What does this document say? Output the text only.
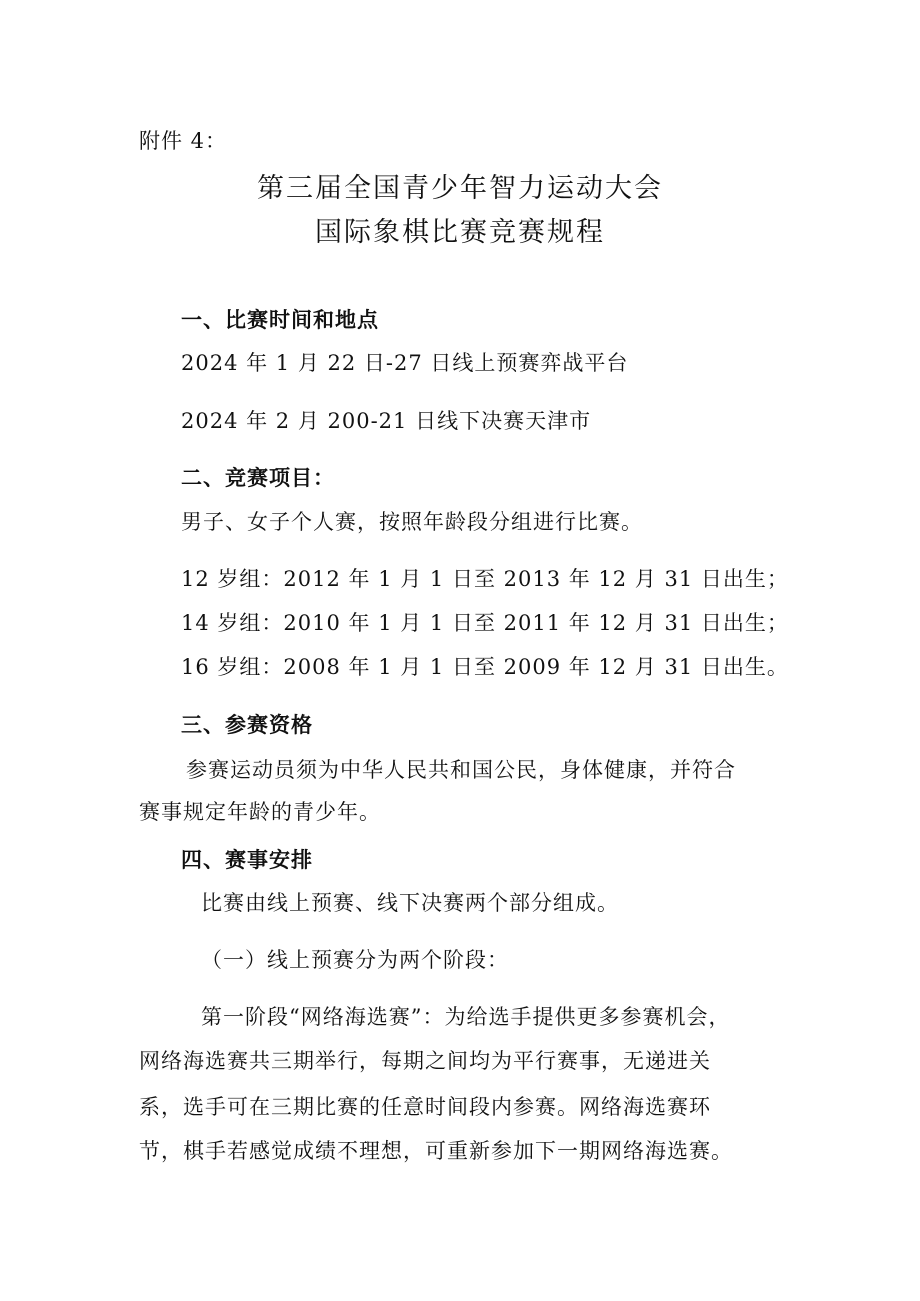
附件 4：
第三届全国青少年智力运动大会
国际象棋比赛竞赛规程
一、比赛时间和地点
2024 年 1 月 22 日-27 日线上预赛弈战平台
2024 年 2 月 200-21 日线下决赛天津市
二、竞赛项目：
男子、女子个人赛，按照年龄段分组进行比赛。
12 岁组：2012 年 1 月 1 日至 2013 年 12 月 31 日出生；
14 岁组：2010 年 1 月 1 日至 2011 年 12 月 31 日出生；
16 岁组：2008 年 1 月 1 日至 2009 年 12 月 31 日出生。
三、参赛资格
参赛运动员须为中华人民共和国公民，身体健康，并符合
赛事规定年龄的青少年。
四、赛事安排
比赛由线上预赛、线下决赛两个部分组成。
（一）线上预赛分为两个阶段：
第一阶段“网络海选赛”：为给选手提供更多参赛机会，
网络海选赛共三期举行，每期之间均为平行赛事，无递进关
系，选手可在三期比赛的任意时间段内参赛。网络海选赛环
节，棋手若感觉成绩不理想，可重新参加下一期网络海选赛。
